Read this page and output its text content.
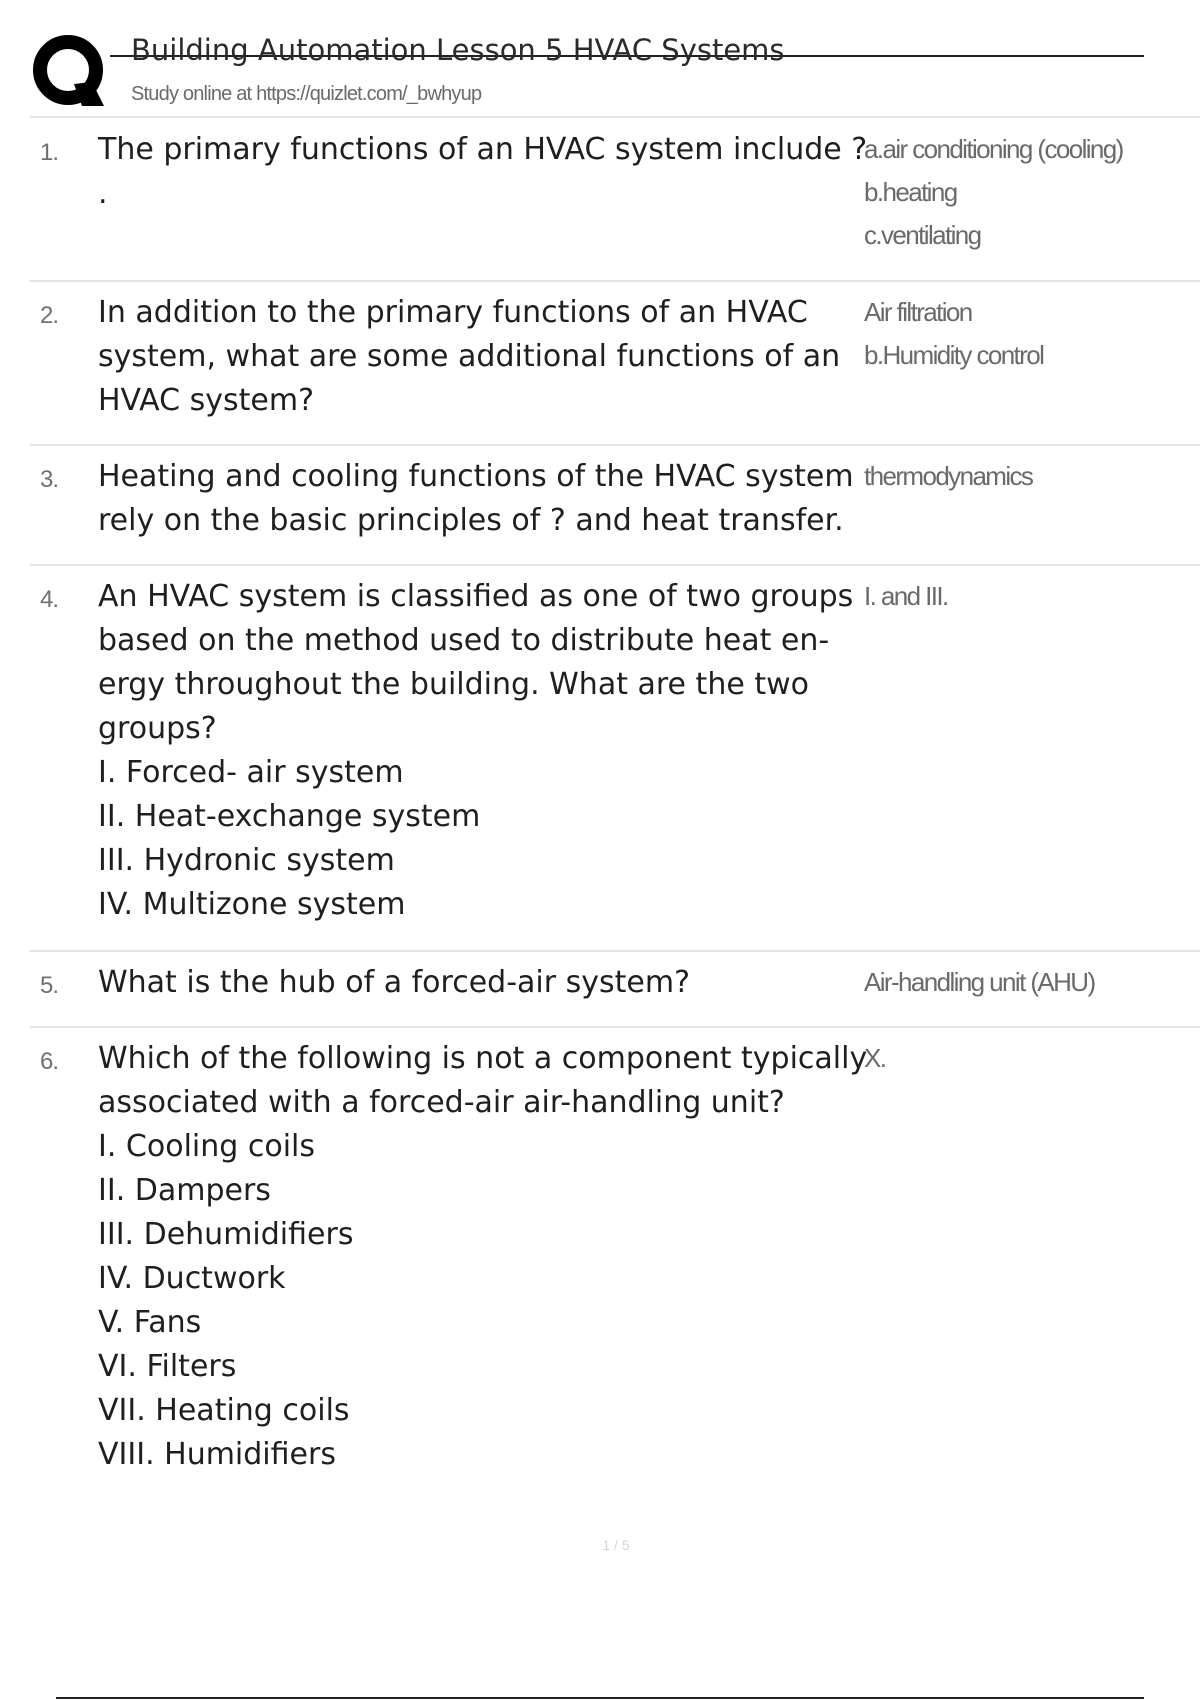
Building Automation Lesson 5 HVAC Systems
Study online at https://quizlet.com/_bwhyup
1. The primary functions of an HVAC system include ?
.
a.air conditioning (cooling)
b.heating
c.ventilating
2. In addition to the primary functions of an HVAC
system, what are some additional functions of an
HVAC system?
Air filtration
b.Humidity control
3. Heating and cooling functions of the HVAC system
rely on the basic principles of ? and heat transfer.
thermodynamics
4. An HVAC system is classified as one of two groups
based on the method used to distribute heat en-
ergy throughout the building. What are the two
groups?
I. Forced- air system
II. Heat-exchange system
III. Hydronic system
IV. Multizone system
I. and III.
5. What is the hub of a forced-air system?	Air-handling unit (AHU)
6. Which of the following is not a component typically
associated with a forced-air air-handling unit?
I. Cooling coils
II. Dampers
III. Dehumidifiers
IV. Ductwork
V. Fans
VI. Filters
VII. Heating coils
VIII. Humidifiers
X.
1 / 5
